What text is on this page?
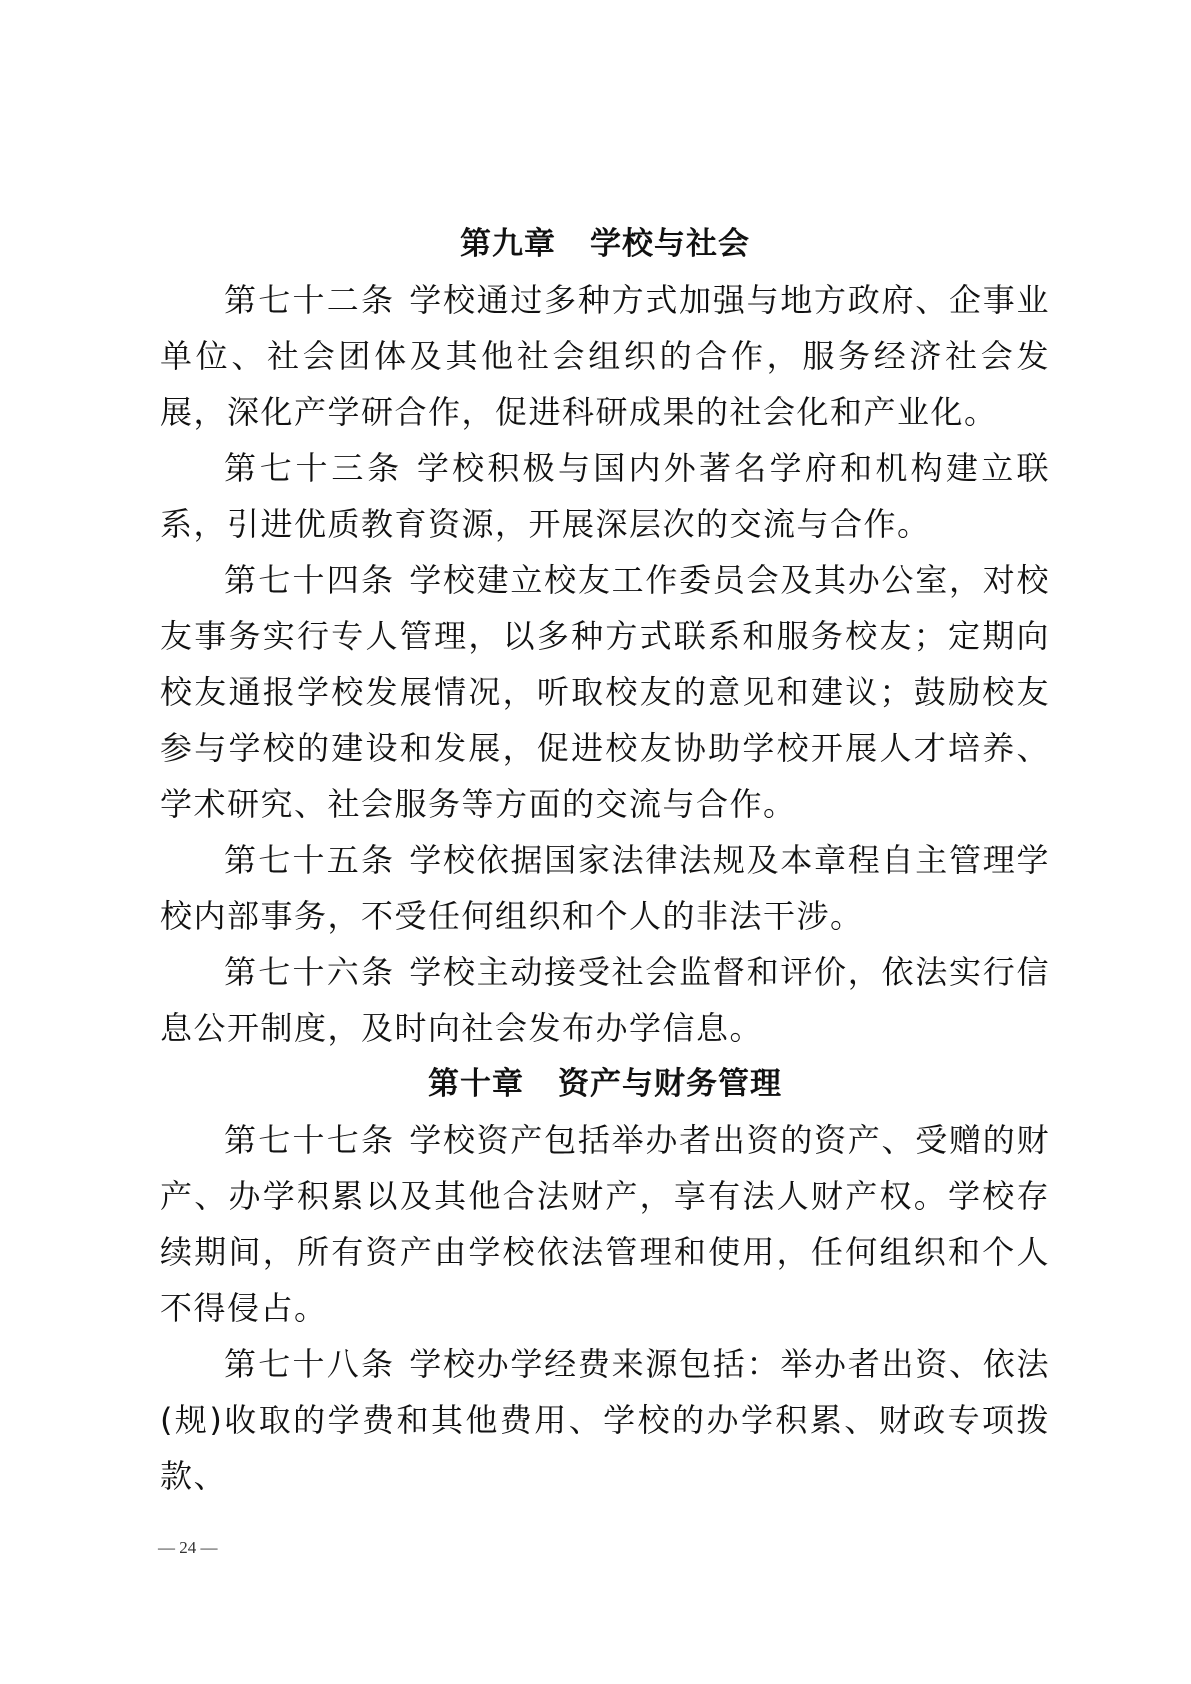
第九章 学校与社会

第七十二条 学校通过多种方式加强与地方政府、企事业单位、社会团体及其他社会组织的合作，服务经济社会发展，深化产学研合作，促进科研成果的社会化和产业化。

第七十三条 学校积极与国内外著名学府和机构建立联系，引进优质教育资源，开展深层次的交流与合作。

第七十四条 学校建立校友工作委员会及其办公室，对校友事务实行专人管理，以多种方式联系和服务校友；定期向校友通报学校发展情况，听取校友的意见和建议；鼓励校友参与学校的建设和发展，促进校友协助学校开展人才培养、学术研究、社会服务等方面的交流与合作。

第七十五条 学校依据国家法律法规及本章程自主管理学校内部事务，不受任何组织和个人的非法干涉。

第七十六条 学校主动接受社会监督和评价，依法实行信息公开制度，及时向社会发布办学信息。

第十章 资产与财务管理

第七十七条 学校资产包括举办者出资的资产、受赠的财产、办学积累以及其他合法财产，享有法人财产权。学校存续期间，所有资产由学校依法管理和使用，任何组织和个人不得侵占。

第七十八条 学校办学经费来源包括：举办者出资、依法(规)收取的学费和其他费用、学校的办学积累、财政专项拨款、

— 24 —
